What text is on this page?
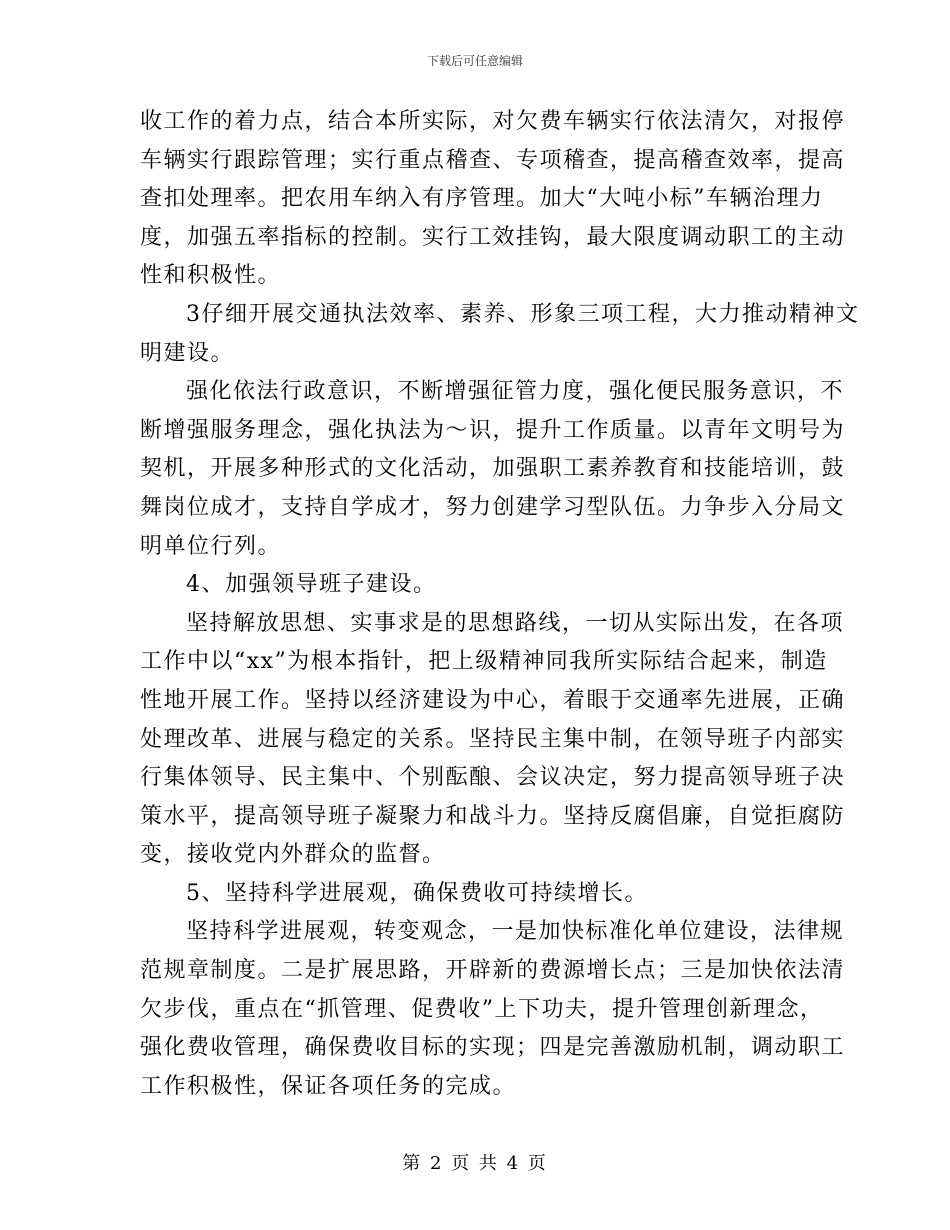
下载后可任意编辑
收工作的着力点，结合本所实际，对欠费车辆实行依法清欠，对报停
车辆实行跟踪管理；实行重点稽查、专项稽查，提高稽查效率，提高
查扣处理率。把农用车纳入有序管理。加大“大吨小标”车辆治理力
度，加强五率指标的控制。实行工效挂钩，最大限度调动职工的主动
性和积极性。
3仔细开展交通执法效率、素养、形象三项工程，大力推动精神文
明建设。
强化依法行政意识，不断增强征管力度，强化便民服务意识，不
断增强服务理念，强化执法为～识，提升工作质量。以青年文明号为
契机，开展多种形式的文化活动，加强职工素养教育和技能培训，鼓
舞岗位成才，支持自学成才，努力创建学习型队伍。力争步入分局文
明单位行列。
4、加强领导班子建设。
坚持解放思想、实事求是的思想路线，一切从实际出发，在各项
工作中以“xx”为根本指针，把上级精神同我所实际结合起来，制造
性地开展工作。坚持以经济建设为中心，着眼于交通率先进展，正确
处理改革、进展与稳定的关系。坚持民主集中制，在领导班子内部实
行集体领导、民主集中、个别酝酿、会议决定，努力提高领导班子决
策水平，提高领导班子凝聚力和战斗力。坚持反腐倡廉，自觉拒腐防
变，接收党内外群众的监督。
5、坚持科学进展观，确保费收可持续增长。
坚持科学进展观，转变观念，一是加快标准化单位建设，法律规
范规章制度。二是扩展思路，开辟新的费源增长点；三是加快依法清
欠步伐，重点在“抓管理、促费收”上下功夫，提升管理创新理念，
强化费收管理，确保费收目标的实现；四是完善激励机制，调动职工
工作积极性，保证各项任务的完成。
第 2 页 共 4 页
